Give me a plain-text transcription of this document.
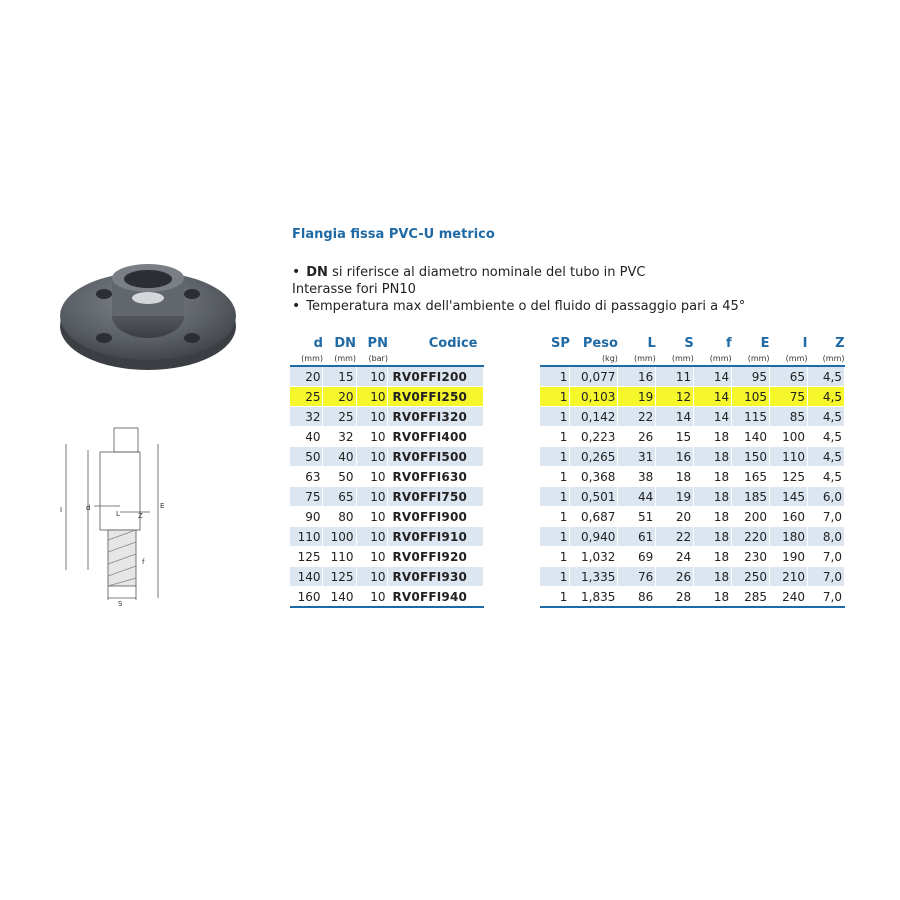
Flangia fissa PVC-U metrico
• DN si riferisce al diametro nominale del tubo in PVC
Interasse fori PN10
• Temperatura max dell'ambiente o del fluido di passaggio pari a 45°
d
I	E
L	Z
f
S
d	DN	PN	Codice
(mm)	(mm)	(bar)	
20	15	10	RV0FFI200
25	20	10	RV0FFI250
32	25	10	RV0FFI320
40	32	10	RV0FFI400
50	40	10	RV0FFI500
63	50	10	RV0FFI630
75	65	10	RV0FFI750
90	80	10	RV0FFI900
110	100	10	RV0FFI910
125	110	10	RV0FFI920
140	125	10	RV0FFI930
160	140	10	RV0FFI940
SP	Peso	L	S	f	E	I	Z
	(kg)	(mm)	(mm)	(mm)	(mm)	(mm)	(mm)
1	0,077	16	11	14	95	65	4,5
1	0,103	19	12	14	105	75	4,5
1	0,142	22	14	14	115	85	4,5
1	0,223	26	15	18	140	100	4,5
1	0,265	31	16	18	150	110	4,5
1	0,368	38	18	18	165	125	4,5
1	0,501	44	19	18	185	145	6,0
1	0,687	51	20	18	200	160	7,0
1	0,940	61	22	18	220	180	8,0
1	1,032	69	24	18	230	190	7,0
1	1,335	76	26	18	250	210	7,0
1	1,835	86	28	18	285	240	7,0
